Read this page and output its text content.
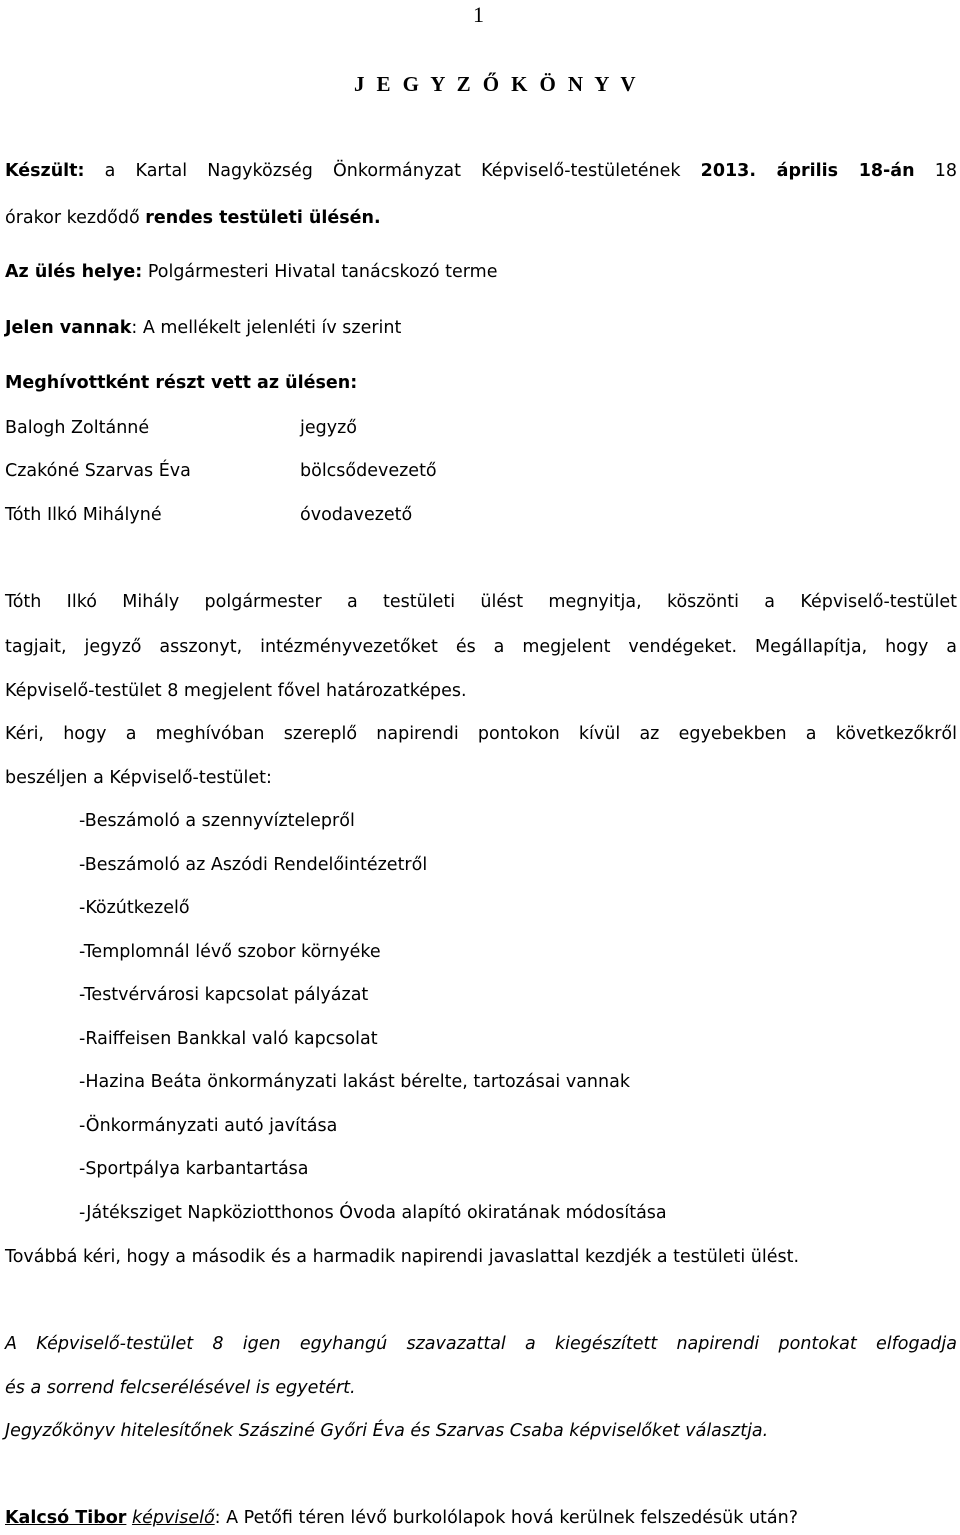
1
J E G Y Z Ő K Ö N Y V
Készült: a Kartal Nagyközség Önkormányzat Képviselő-testületének 2013. április 18-án 18
órakor kezdődő rendes testületi ülésén.
Az ülés helye: Polgármesteri Hivatal tanácskozó terme
Jelen vannak: A mellékelt jelenléti ív szerint
Meghívottként részt vett az ülésen:
Balogh Zoltánné	jegyző
Czakóné Szarvas Éva	bölcsődevezető
Tóth Ilkó Mihályné	óvodavezető
Tóth Ilkó Mihály polgármester a testületi ülést megnyitja, köszönti a Képviselő-testület
tagjait, jegyző asszonyt, intézményvezetőket és a megjelent vendégeket. Megállapítja, hogy a
Képviselő-testület 8 megjelent fővel határozatképes.
Kéri, hogy a meghívóban szereplő napirendi pontokon kívül az egyebekben a következőkről
beszéljen a Képviselő-testület:
-Beszámoló a szennyvíztelepről
-Beszámoló az Aszódi Rendelőintézetről
-Közútkezelő
-Templomnál lévő szobor környéke
-Testvérvárosi kapcsolat pályázat
-Raiffeisen Bankkal való kapcsolat
-Hazina Beáta önkormányzati lakást bérelte, tartozásai vannak
-Önkormányzati autó javítása
-Sportpálya karbantartása
-Játéksziget Napköziotthonos Óvoda alapító okiratának módosítása
Továbbá kéri, hogy a második és a harmadik napirendi javaslattal kezdjék a testületi ülést.
A Képviselő-testület 8 igen egyhangú szavazattal a kiegészített napirendi pontokat elfogadja
és a sorrend felcserélésével is egyetért.
Jegyzőkönyv hitelesítőnek Szásziné Győri Éva és Szarvas Csaba képviselőket választja.
Kalcsó Tibor képviselő: A Petőfi téren lévő burkolólapok hová kerülnek felszedésük után?
